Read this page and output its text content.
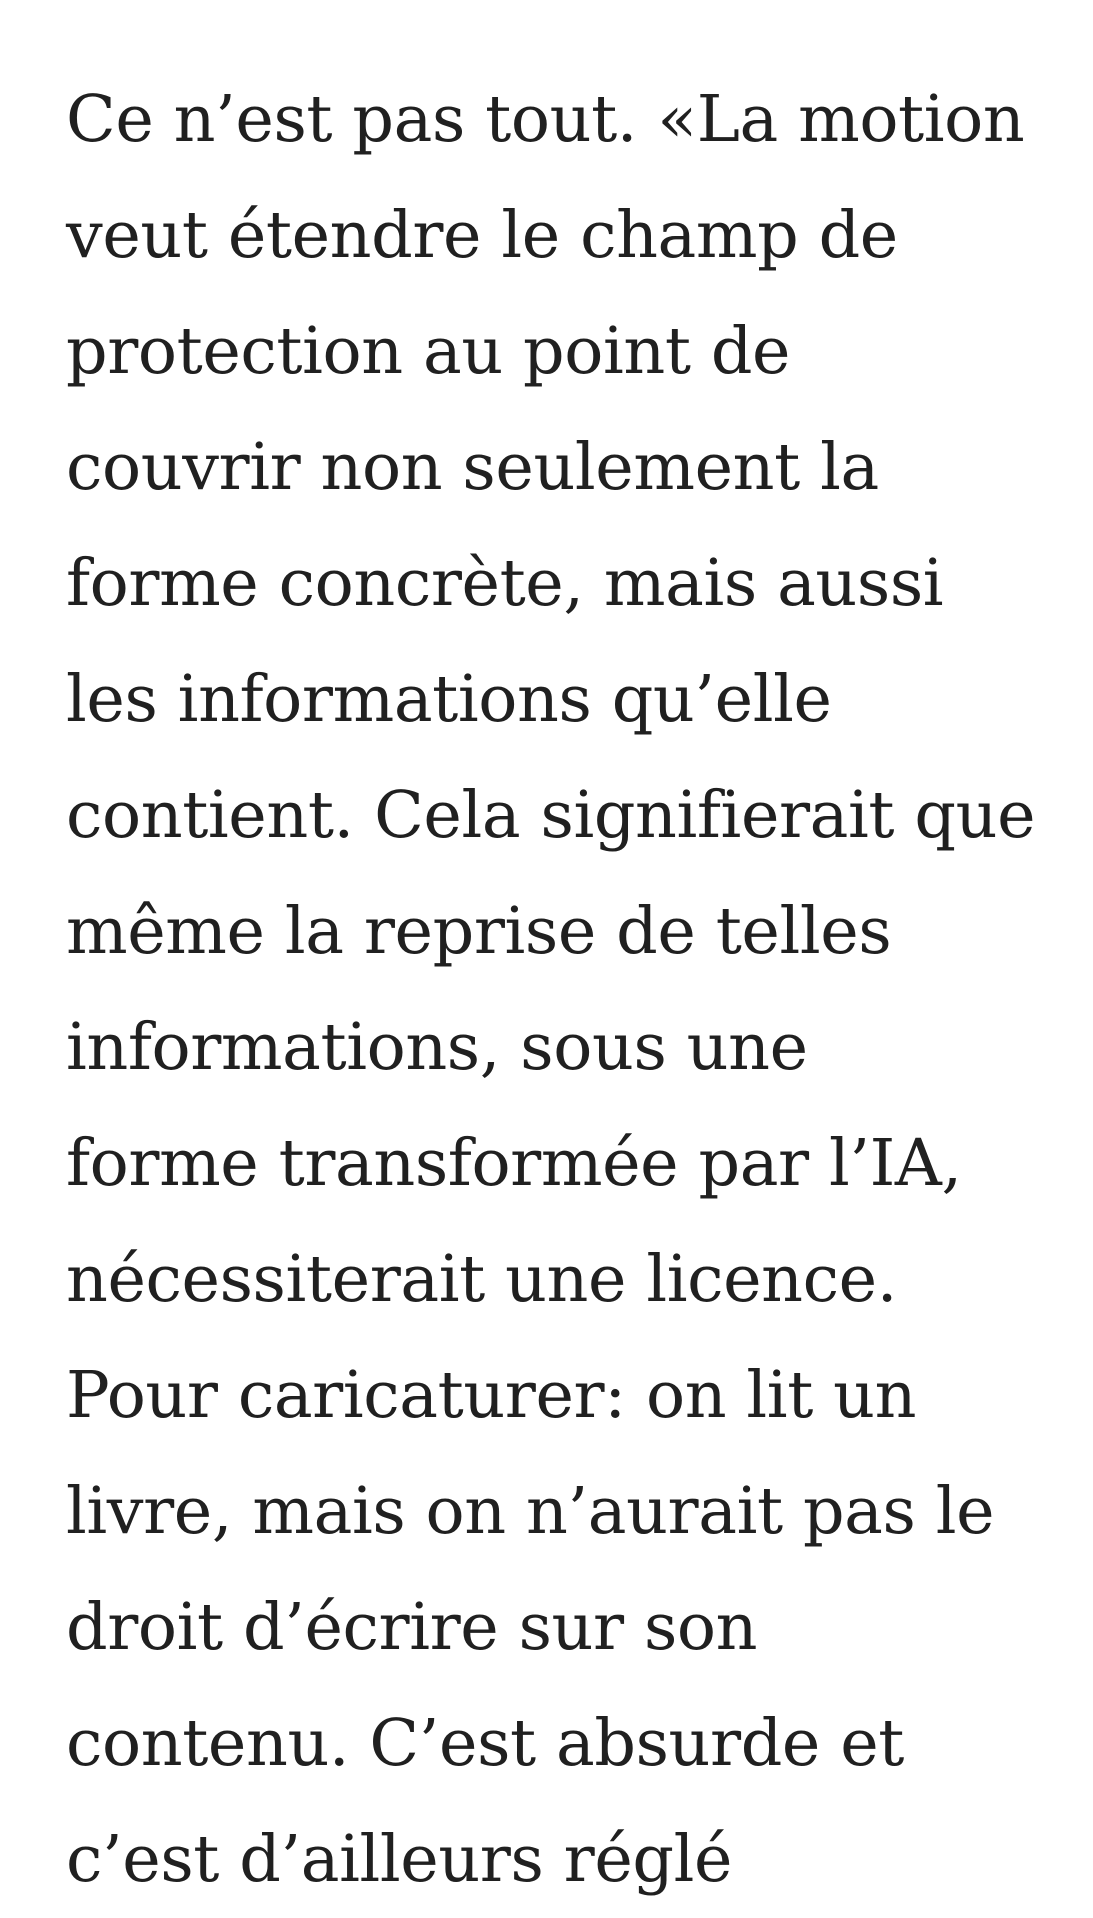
Ce n’est pas tout. «La motion
veut étendre le champ de
protection au point de
couvrir non seulement la
forme concrète, mais aussi
les informations qu’elle
contient. Cela signifierait que
même la reprise de telles
informations, sous une
forme transformée par l’IA,
nécessiterait une licence.
Pour caricaturer: on lit un
livre, mais on n’aurait pas le
droit d’écrire sur son
contenu. C’est absurde et
c’est d’ailleurs réglé
